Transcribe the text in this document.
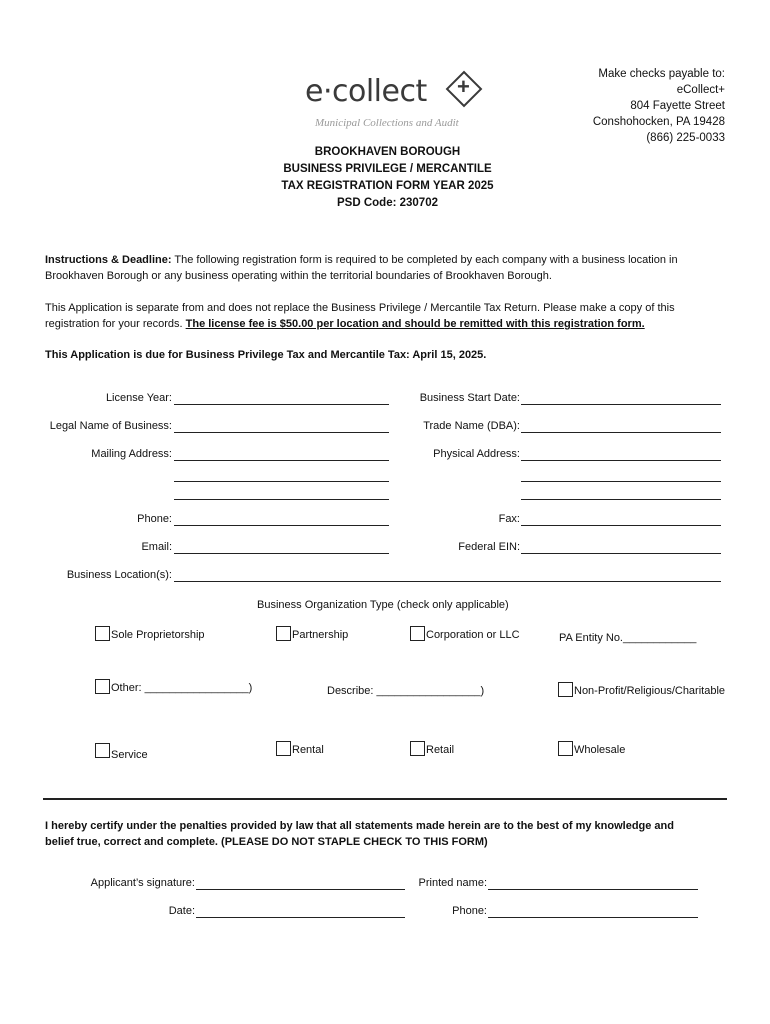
e·collect +
Municipal Collections and Audit
Make checks payable to:
eCollect+
804 Fayette Street
Conshohocken, PA 19428
(866) 225-0033
BROOKHAVEN BOROUGH
BUSINESS PRIVILEGE / MERCANTILE
TAX REGISTRATION FORM YEAR 2025
PSD Code: 230702
Instructions & Deadline: The following registration form is required to be completed by each company with a business location in Brookhaven Borough or any business operating within the territorial boundaries of Brookhaven Borough.
This Application is separate from and does not replace the Business Privilege / Mercantile Tax Return. Please make a copy of this registration for your records. The license fee is $50.00 per location and should be remitted with this registration form.
This Application is due for Business Privilege Tax and Mercantile Tax: April 15, 2025.
License Year:	Business Start Date:
Legal Name of Business:	Trade Name (DBA):
Mailing Address:	Physical Address:
Phone:	Fax:
Email:	Federal EIN:
Business Location(s):
Business Organization Type (check only applicable)
Sole Proprietorship	Partnership	Corporation or LLC	PA Entity No.____________
Other: _________________)	Describe: _________________)	Non-Profit/Religious/Charitable
Service	Rental	Retail	Wholesale
I hereby certify under the penalties provided by law that all statements made herein are to the best of my knowledge and belief true, correct and complete. (PLEASE DO NOT STAPLE CHECK TO THIS FORM)
Applicant’s signature:	Printed name:
Date:	Phone:
